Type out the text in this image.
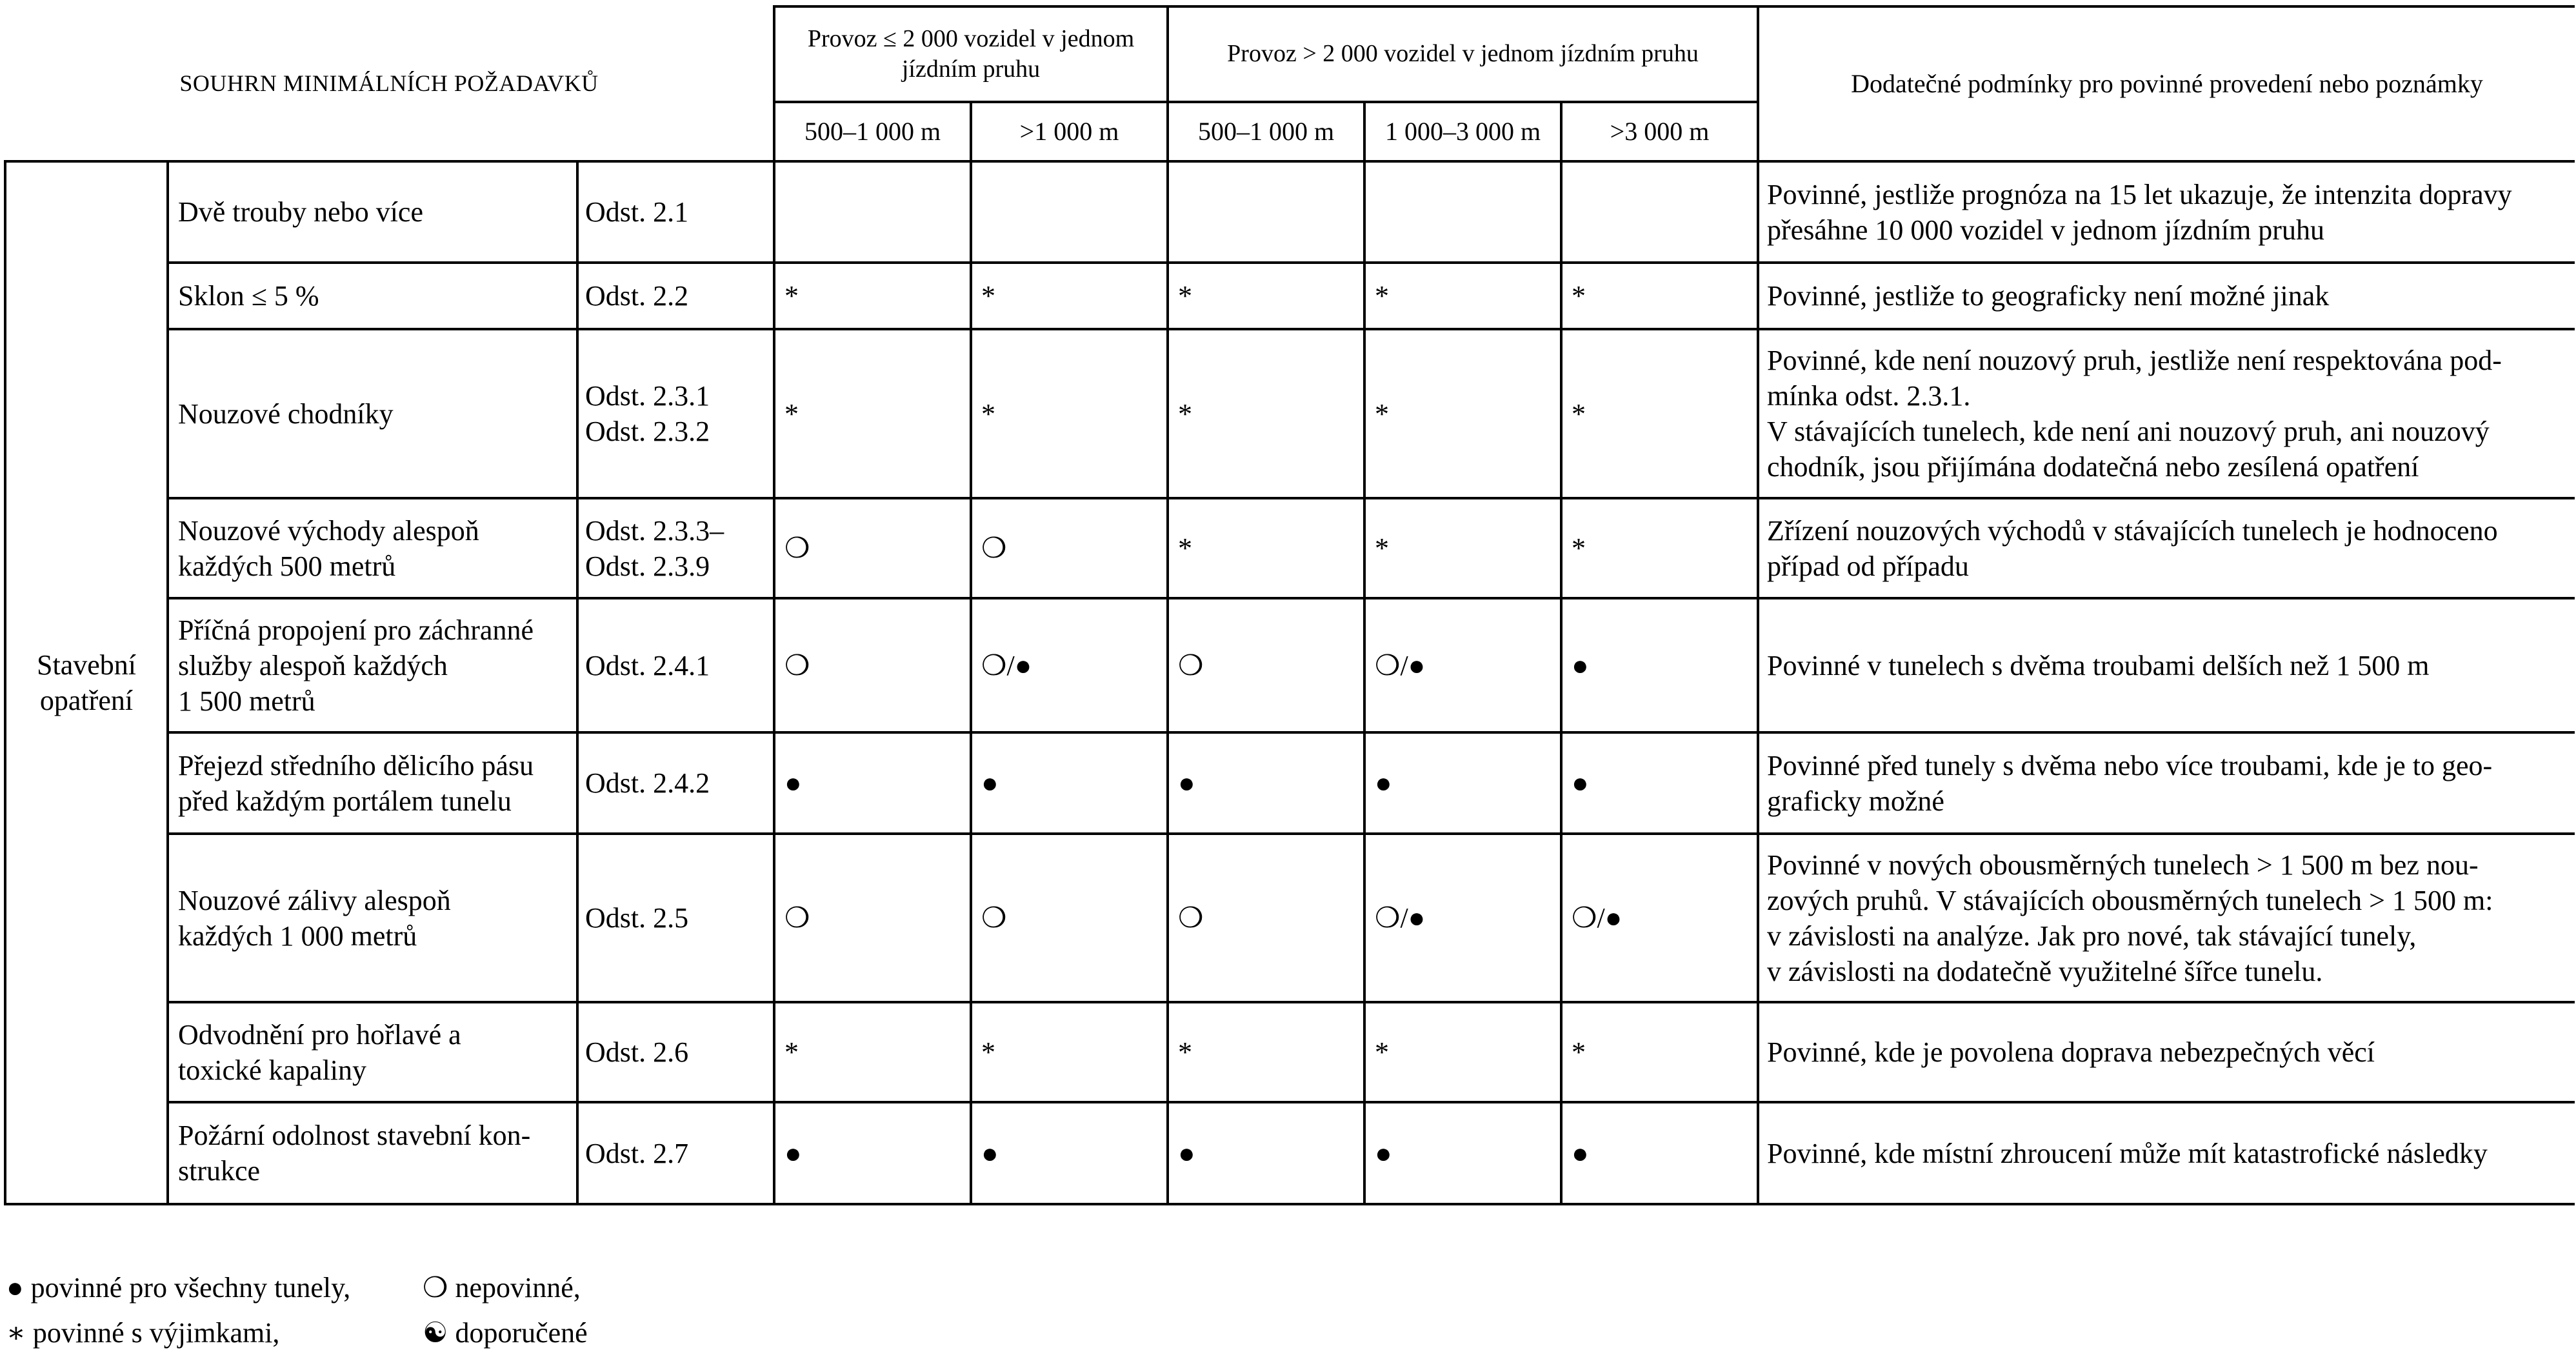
SOUHRN MINIMÁLNÍCH POŽADAVKŮ			Provoz ≤ 2 000 vozidel v jednom jízdním pruhu		Provoz > 2 000 vozidel v jednom jízdním pruhu			Dodatečné podmínky pro povinné provedení nebo poznámky
			500–1 000 m	>1 000 m	500–1 000 m	1 000–3 000 m	>3 000 m	
Stavební
opatření	Dvě trouby nebo více	Odst. 2.1						Povinné, jestliže prognóza na 15 let ukazuje, že intenzita dopravy
přesáhne 10 000 vozidel v jednom jízdním pruhu
	Sklon ≤ 5 %	Odst. 2.2	*	*	*	*	*	Povinné, jestliže to geograficky není možné jinak
	Nouzové chodníky	Odst. 2.3.1
Odst. 2.3.2	*	*	*	*	*	Povinné, kde není nouzový pruh, jestliže není respektována pod-
mínka odst. 2.3.1.
V stávajících tunelech, kde není ani nouzový pruh, ani nouzový
chodník, jsou přijímána dodatečná nebo zesílená opatření
	Nouzové východy alespoň
každých 500 metrů	Odst. 2.3.3–
Odst. 2.3.9	❍	❍	*	*	*	Zřízení nouzových východů v stávajících tunelech je hodnoceno
případ od případu
	Příčná propojení pro záchranné
služby alespoň každých
1 500 metrů	Odst. 2.4.1	❍	❍/●	❍	❍/●	●	Povinné v tunelech s dvěma troubami delších než 1 500 m
	Přejezd středního dělicího pásu
před každým portálem tunelu	Odst. 2.4.2	●	●	●	●	●	Povinné před tunely s dvěma nebo více troubami, kde je to geo-
graficky možné
	Nouzové zálivy alespoň
každých 1 000 metrů	Odst. 2.5	❍	❍	❍	❍/●	❍/●	Povinné v nových obousměrných tunelech > 1 500 m bez nou-
zových pruhů. V stávajících obousměrných tunelech > 1 500 m:
v závislosti na analýze. Jak pro nové, tak stávající tunely,
v závislosti na dodatečně využitelné šířce tunelu.
	Odvodnění pro hořlavé a
toxické kapaliny	Odst. 2.6	*	*	*	*	*	Povinné, kde je povolena doprava nebezpečných věcí
	Požární odolnost stavební kon-
strukce	Odst. 2.7	●	●	●	●	●	Povinné, kde místní zhroucení může mít katastrofické následky
● povinné pro všechny tunely,	❍ nepovinné,
∗ povinné s výjimkami,	☯ doporučené
